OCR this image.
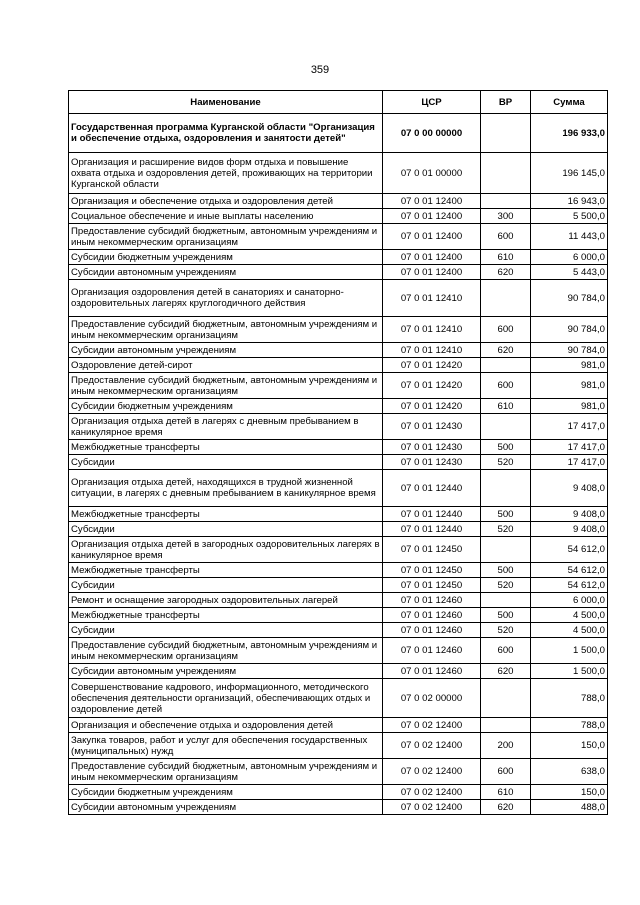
359
Наименование	ЦСР	ВР	Сумма
Государственная программа Курганской области "Организация и обеспечение отдыха, оздоровления и занятости детей"	07 0 00 00000		196 933,0
Организация и расширение видов форм отдыха и повышение охвата отдыха и оздоровления детей, проживающих на территории Курганской области	07 0 01 00000		196 145,0
Организация и обеспечение отдыха и оздоровления детей	07 0 01 12400		16 943,0
Социальное обеспечение и иные выплаты населению	07 0 01 12400	300	5 500,0
Предоставление субсидий бюджетным, автономным учреждениям и иным некоммерческим организациям	07 0 01 12400	600	11 443,0
Субсидии бюджетным учреждениям	07 0 01 12400	610	6 000,0
Субсидии автономным учреждениям	07 0 01 12400	620	5 443,0
Организация оздоровления детей в санаториях и санаторно-оздоровительных лагерях круглогодичного действия	07 0 01 12410		90 784,0
Предоставление субсидий бюджетным, автономным учреждениям и иным некоммерческим организациям	07 0 01 12410	600	90 784,0
Субсидии автономным учреждениям	07 0 01 12410	620	90 784,0
Оздоровление детей-сирот	07 0 01 12420		981,0
Предоставление субсидий бюджетным, автономным учреждениям и иным некоммерческим организациям	07 0 01 12420	600	981,0
Субсидии бюджетным учреждениям	07 0 01 12420	610	981,0
Организация отдыха детей в лагерях с дневным пребыванием в каникулярное время	07 0 01 12430		17 417,0
Межбюджетные трансферты	07 0 01 12430	500	17 417,0
Субсидии	07 0 01 12430	520	17 417,0
Организация отдыха детей, находящихся в трудной жизненной ситуации, в лагерях с дневным пребыванием в каникулярное время	07 0 01 12440		9 408,0
Межбюджетные трансферты	07 0 01 12440	500	9 408,0
Субсидии	07 0 01 12440	520	9 408,0
Организация отдыха детей в загородных оздоровительных лагерях в каникулярное время	07 0 01 12450		54 612,0
Межбюджетные трансферты	07 0 01 12450	500	54 612,0
Субсидии	07 0 01 12450	520	54 612,0
Ремонт и оснащение загородных оздоровительных лагерей	07 0 01 12460		6 000,0
Межбюджетные трансферты	07 0 01 12460	500	4 500,0
Субсидии	07 0 01 12460	520	4 500,0
Предоставление субсидий бюджетным, автономным учреждениям и иным некоммерческим организациям	07 0 01 12460	600	1 500,0
Субсидии автономным учреждениям	07 0 01 12460	620	1 500,0
Совершенствование кадрового, информационного, методического обеспечения деятельности организаций, обеспечивающих отдых и оздоровление детей	07 0 02 00000		788,0
Организация и обеспечение отдыха и оздоровления детей	07 0 02 12400		788,0
Закупка товаров, работ и услуг для обеспечения государственных (муниципальных) нужд	07 0 02 12400	200	150,0
Предоставление субсидий бюджетным, автономным учреждениям и иным некоммерческим организациям	07 0 02 12400	600	638,0
Субсидии бюджетным учреждениям	07 0 02 12400	610	150,0
Субсидии автономным учреждениям	07 0 02 12400	620	488,0
